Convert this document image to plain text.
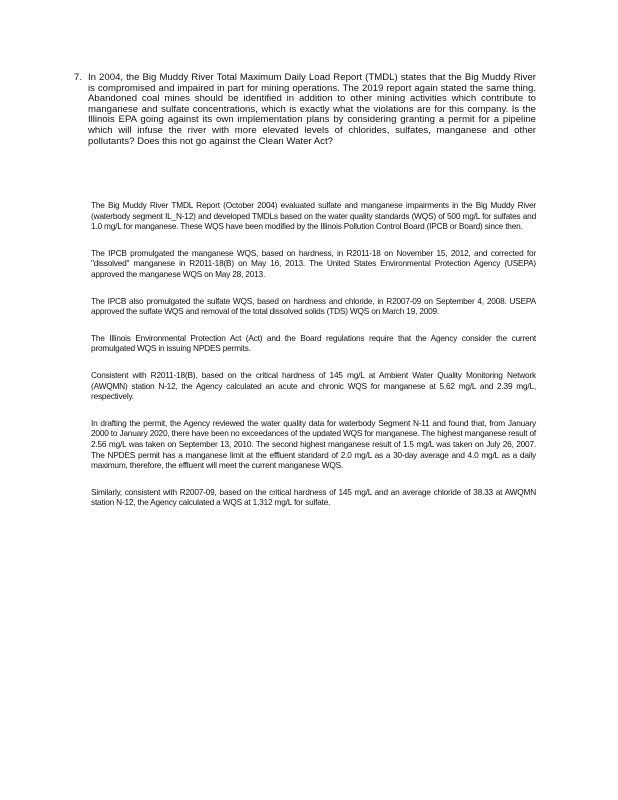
7. In 2004, the Big Muddy River Total Maximum Daily Load Report (TMDL) states that the Big Muddy River is compromised and impaired in part for mining operations. The 2019 report again stated the same thing. Abandoned coal mines should be identified in addition to other mining activities which contribute to manganese and sulfate concentrations, which is exactly what the violations are for this company. Is the Illinois EPA going against its own implementation plans by considering granting a permit for a pipeline which will infuse the river with more elevated levels of chlorides, sulfates, manganese and other pollutants? Does this not go against the Clean Water Act?

The Big Muddy River TMDL Report (October 2004) evaluated sulfate and manganese impairments in the Big Muddy River (waterbody segment IL_N-12) and developed TMDLs based on the water quality standards (WQS) of 500 mg/L for sulfates and 1.0 mg/L for manganese. These WQS have been modified by the Illinois Pollution Control Board (IPCB or Board) since then.

The IPCB promulgated the manganese WQS, based on hardness, in R2011-18 on November 15, 2012, and corrected for "dissolved" manganese in R2011-18(B) on May 16, 2013. The United States Environmental Protection Agency (USEPA) approved the manganese WQS on May 28, 2013.

The IPCB also promulgated the sulfate WQS, based on hardness and chloride, in R2007-09 on September 4, 2008. USEPA approved the sulfate WQS and removal of the total dissolved solids (TDS) WQS on March 19, 2009.

The Illinois Environmental Protection Act (Act) and the Board regulations require that the Agency consider the current promulgated WQS in issuing NPDES permits.

Consistent with R2011-18(B), based on the critical hardness of 145 mg/L at Ambient Water Quality Monitoring Network (AWQMN) station N-12, the Agency calculated an acute and chronic WQS for manganese at 5.62 mg/L and 2.39 mg/L, respectively.

In drafting the permit, the Agency reviewed the water quality data for waterbody Segment N-11 and found that, from January 2000 to January 2020, there have been no exceedances of the updated WQS for manganese. The highest manganese result of 2.56 mg/L was taken on September 13, 2010. The second highest manganese result of 1.5 mg/L was taken on July 26, 2007. The NPDES permit has a manganese limit at the effluent standard of 2.0 mg/L as a 30-day average and 4.0 mg/L as a daily maximum, therefore, the effluent will meet the current manganese WQS.

Similarly, consistent with R2007-09, based on the critical hardness of 145 mg/L and an average chloride of 38.33 at AWQMN station N-12, the Agency calculated a WQS at 1,312 mg/L for sulfate.
